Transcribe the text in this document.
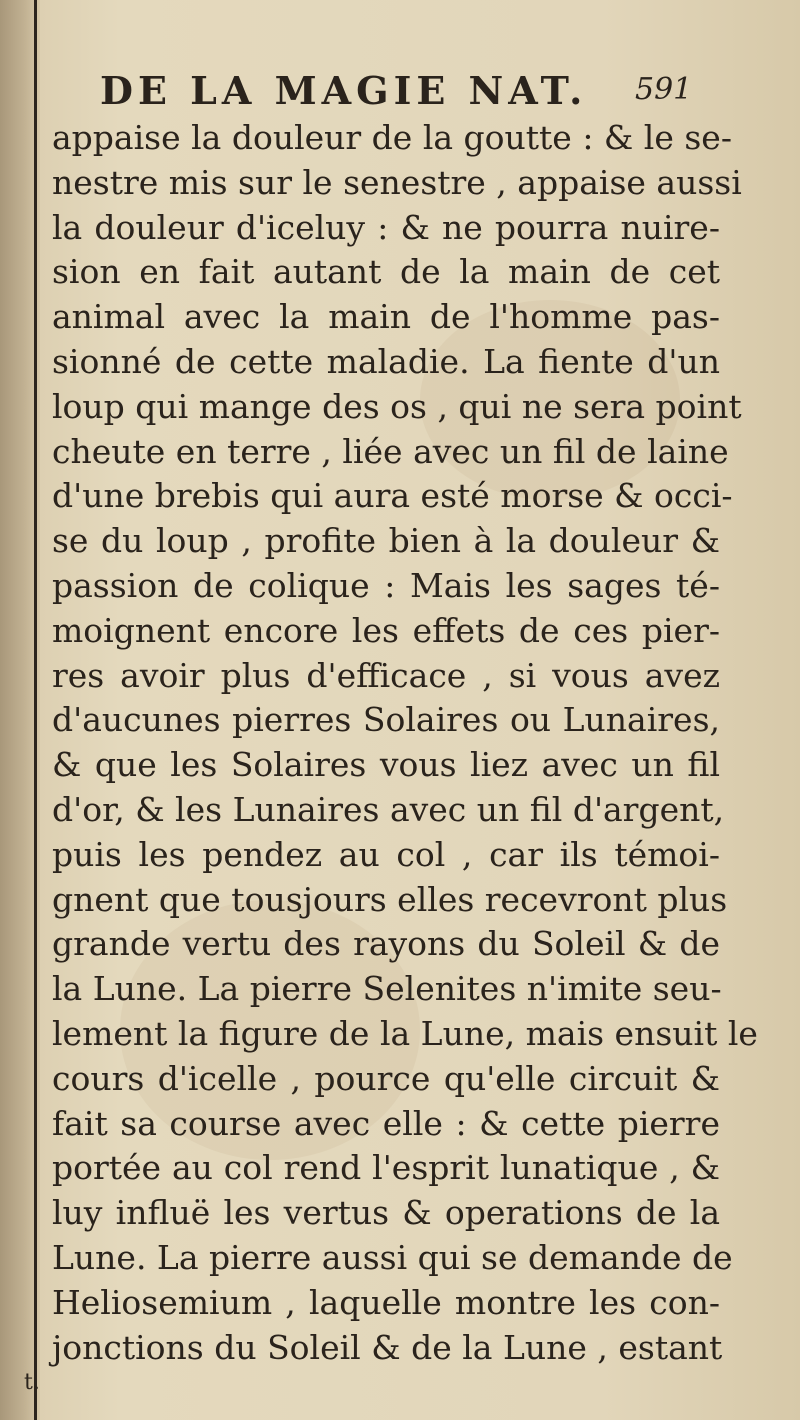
DE LA MAGIE NAT. 591
appaise la douleur de la goutte : & le se-
nestre mis sur le senestre , appaise aussi
la douleur d'iceluy : & ne pourra nuire-
sion en fait autant de la main de cet
animal avec la main de l'homme pas-
sionné de cette maladie. La fiente d'un
loup qui mange des os , qui ne sera point
cheute en terre , liée avec un fil de laine
d'une brebis qui aura esté morse & occi-
se du loup , profite bien à la douleur &
passion de colique : Mais les sages té-
moignent encore les effets de ces pier-
res avoir plus d'efficace , si vous avez
d'aucunes pierres Solaires ou Lunaires,
& que les Solaires vous liez avec un fil
d'or, & les Lunaires avec un fil d'argent,
puis les pendez au col , car ils témoi-
gnent que tousjours elles recevront plus
grande vertu des rayons du Soleil & de
la Lune. La pierre Selenites n'imite seu-
lement la figure de la Lune, mais ensuit le
cours d'icelle , pource qu'elle circuit &
fait sa course avec elle : & cette pierre
portée au col rend l'esprit lunatique , &
luy influë les vertus & operations de la
Lune. La pierre aussi qui se demande de
Heliosemium , laquelle montre les con-
jonctions du Soleil & de la Lune , estant
t.
